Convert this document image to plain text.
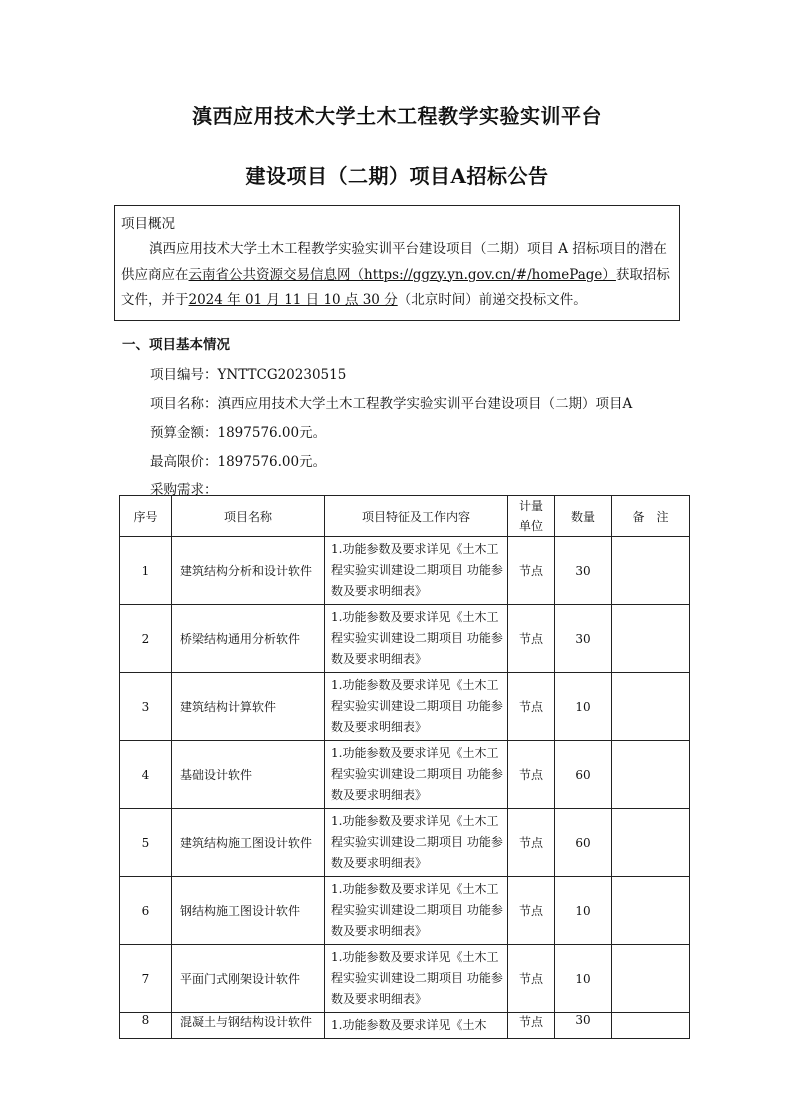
滇西应用技术大学土木工程教学实验实训平台
建设项目（二期）项目A招标公告
项目概况
滇西应用技术大学土木工程教学实验实训平台建设项目（二期）项目 A 招标项目的潜在供应商应在云南省公共资源交易信息网（https://ggzy.yn.gov.cn/#/homePage）获取招标文件，并于2024 年 01 月 11 日 10 点 30 分（北京时间）前递交投标文件。
一、项目基本情况
项目编号：YNTTCG20230515
项目名称：滇西应用技术大学土木工程教学实验实训平台建设项目（二期）项目A
预算金额：1897576.00元。
最高限价：1897576.00元。
采购需求：
序号	项目名称	项目特征及工作内容	计量单位	数量	备　注
1	建筑结构分析和设计软件	1.功能参数及要求详见《土木工程实验实训建设二期项目 功能参数及要求明细表》	节点	30	
2	桥梁结构通用分析软件	1.功能参数及要求详见《土木工程实验实训建设二期项目 功能参数及要求明细表》	节点	30	
3	建筑结构计算软件	1.功能参数及要求详见《土木工程实验实训建设二期项目 功能参数及要求明细表》	节点	10	
4	基础设计软件	1.功能参数及要求详见《土木工程实验实训建设二期项目 功能参数及要求明细表》	节点	60	
5	建筑结构施工图设计软件	1.功能参数及要求详见《土木工程实验实训建设二期项目 功能参数及要求明细表》	节点	60	
6	钢结构施工图设计软件	1.功能参数及要求详见《土木工程实验实训建设二期项目 功能参数及要求明细表》	节点	10	
7	平面门式刚架设计软件	1.功能参数及要求详见《土木工程实验实训建设二期项目 功能参数及要求明细表》	节点	10	
8	混凝土与钢结构设计软件	1.功能参数及要求详见《土木	节点	30	
